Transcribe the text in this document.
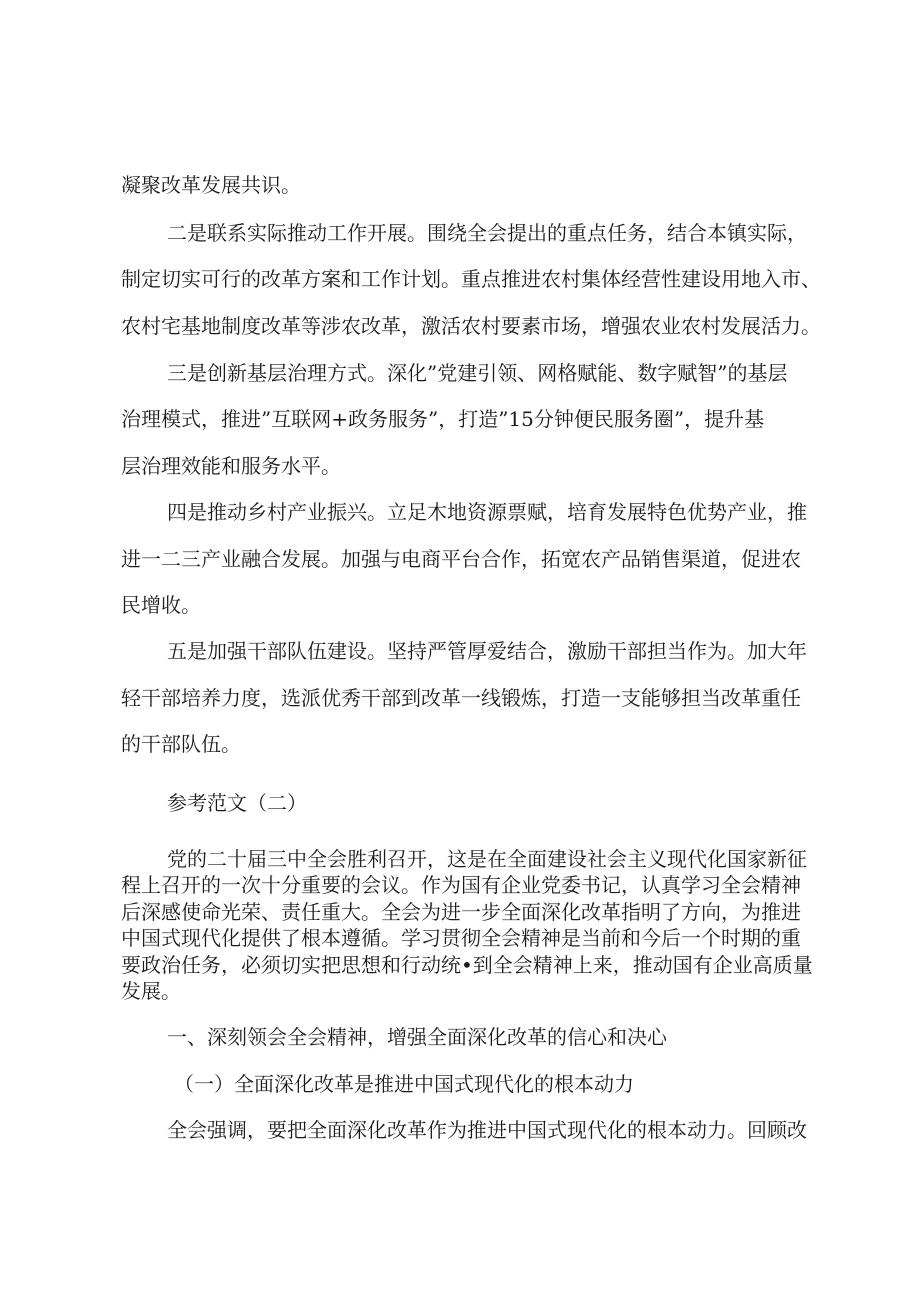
凝聚改革发展共识。

二是联系实际推动工作开展。围绕全会提出的重点任务，结合本镇实际，

制定切实可行的改革方案和工作计划。重点推进农村集体经营性建设用地入市、

农村宅基地制度改革等涉农改革，激活农村要素市场，增强农业农村发展活力。

三是创新基层治理方式。深化”党建引领、网格赋能、数字赋智”的基层

治理模式，推进”互联网+政务服务”，打造”15分钟便民服务圈”，提升基

层治理效能和服务水平。

四是推动乡村产业振兴。立足木地资源票赋，培育发展特色优势产业，推

进一二三产业融合发展。加强与电商平台合作，拓宽农产品销售渠道，促进农

民增收。

五是加强干部队伍建设。坚持严管厚爱结合，激励干部担当作为。加大年

轻干部培养力度，选派优秀干部到改革一线锻炼，打造一支能够担当改革重任

的干部队伍。

参考范文（二）

党的二十届三中全会胜利召开，这是在全面建设社会主义现代化国家新征

程上召开的一次十分重要的会议。作为国有企业党委书记，认真学习全会精神

后深感使命光荣、责任重大。全会为进一步全面深化改革指明了方向，为推进

中国式现代化提供了根本遵循。学习贯彻全会精神是当前和今后一个时期的重

要政治任务，必须切实把思想和行动统•到全会精神上来，推动国有企业高质量

发展。

一、深刻领会全会精神，增强全面深化改革的信心和决心

（一）全面深化改革是推进中国式现代化的根本动力

全会强调，要把全面深化改革作为推进中国式现代化的根本动力。回顾改
